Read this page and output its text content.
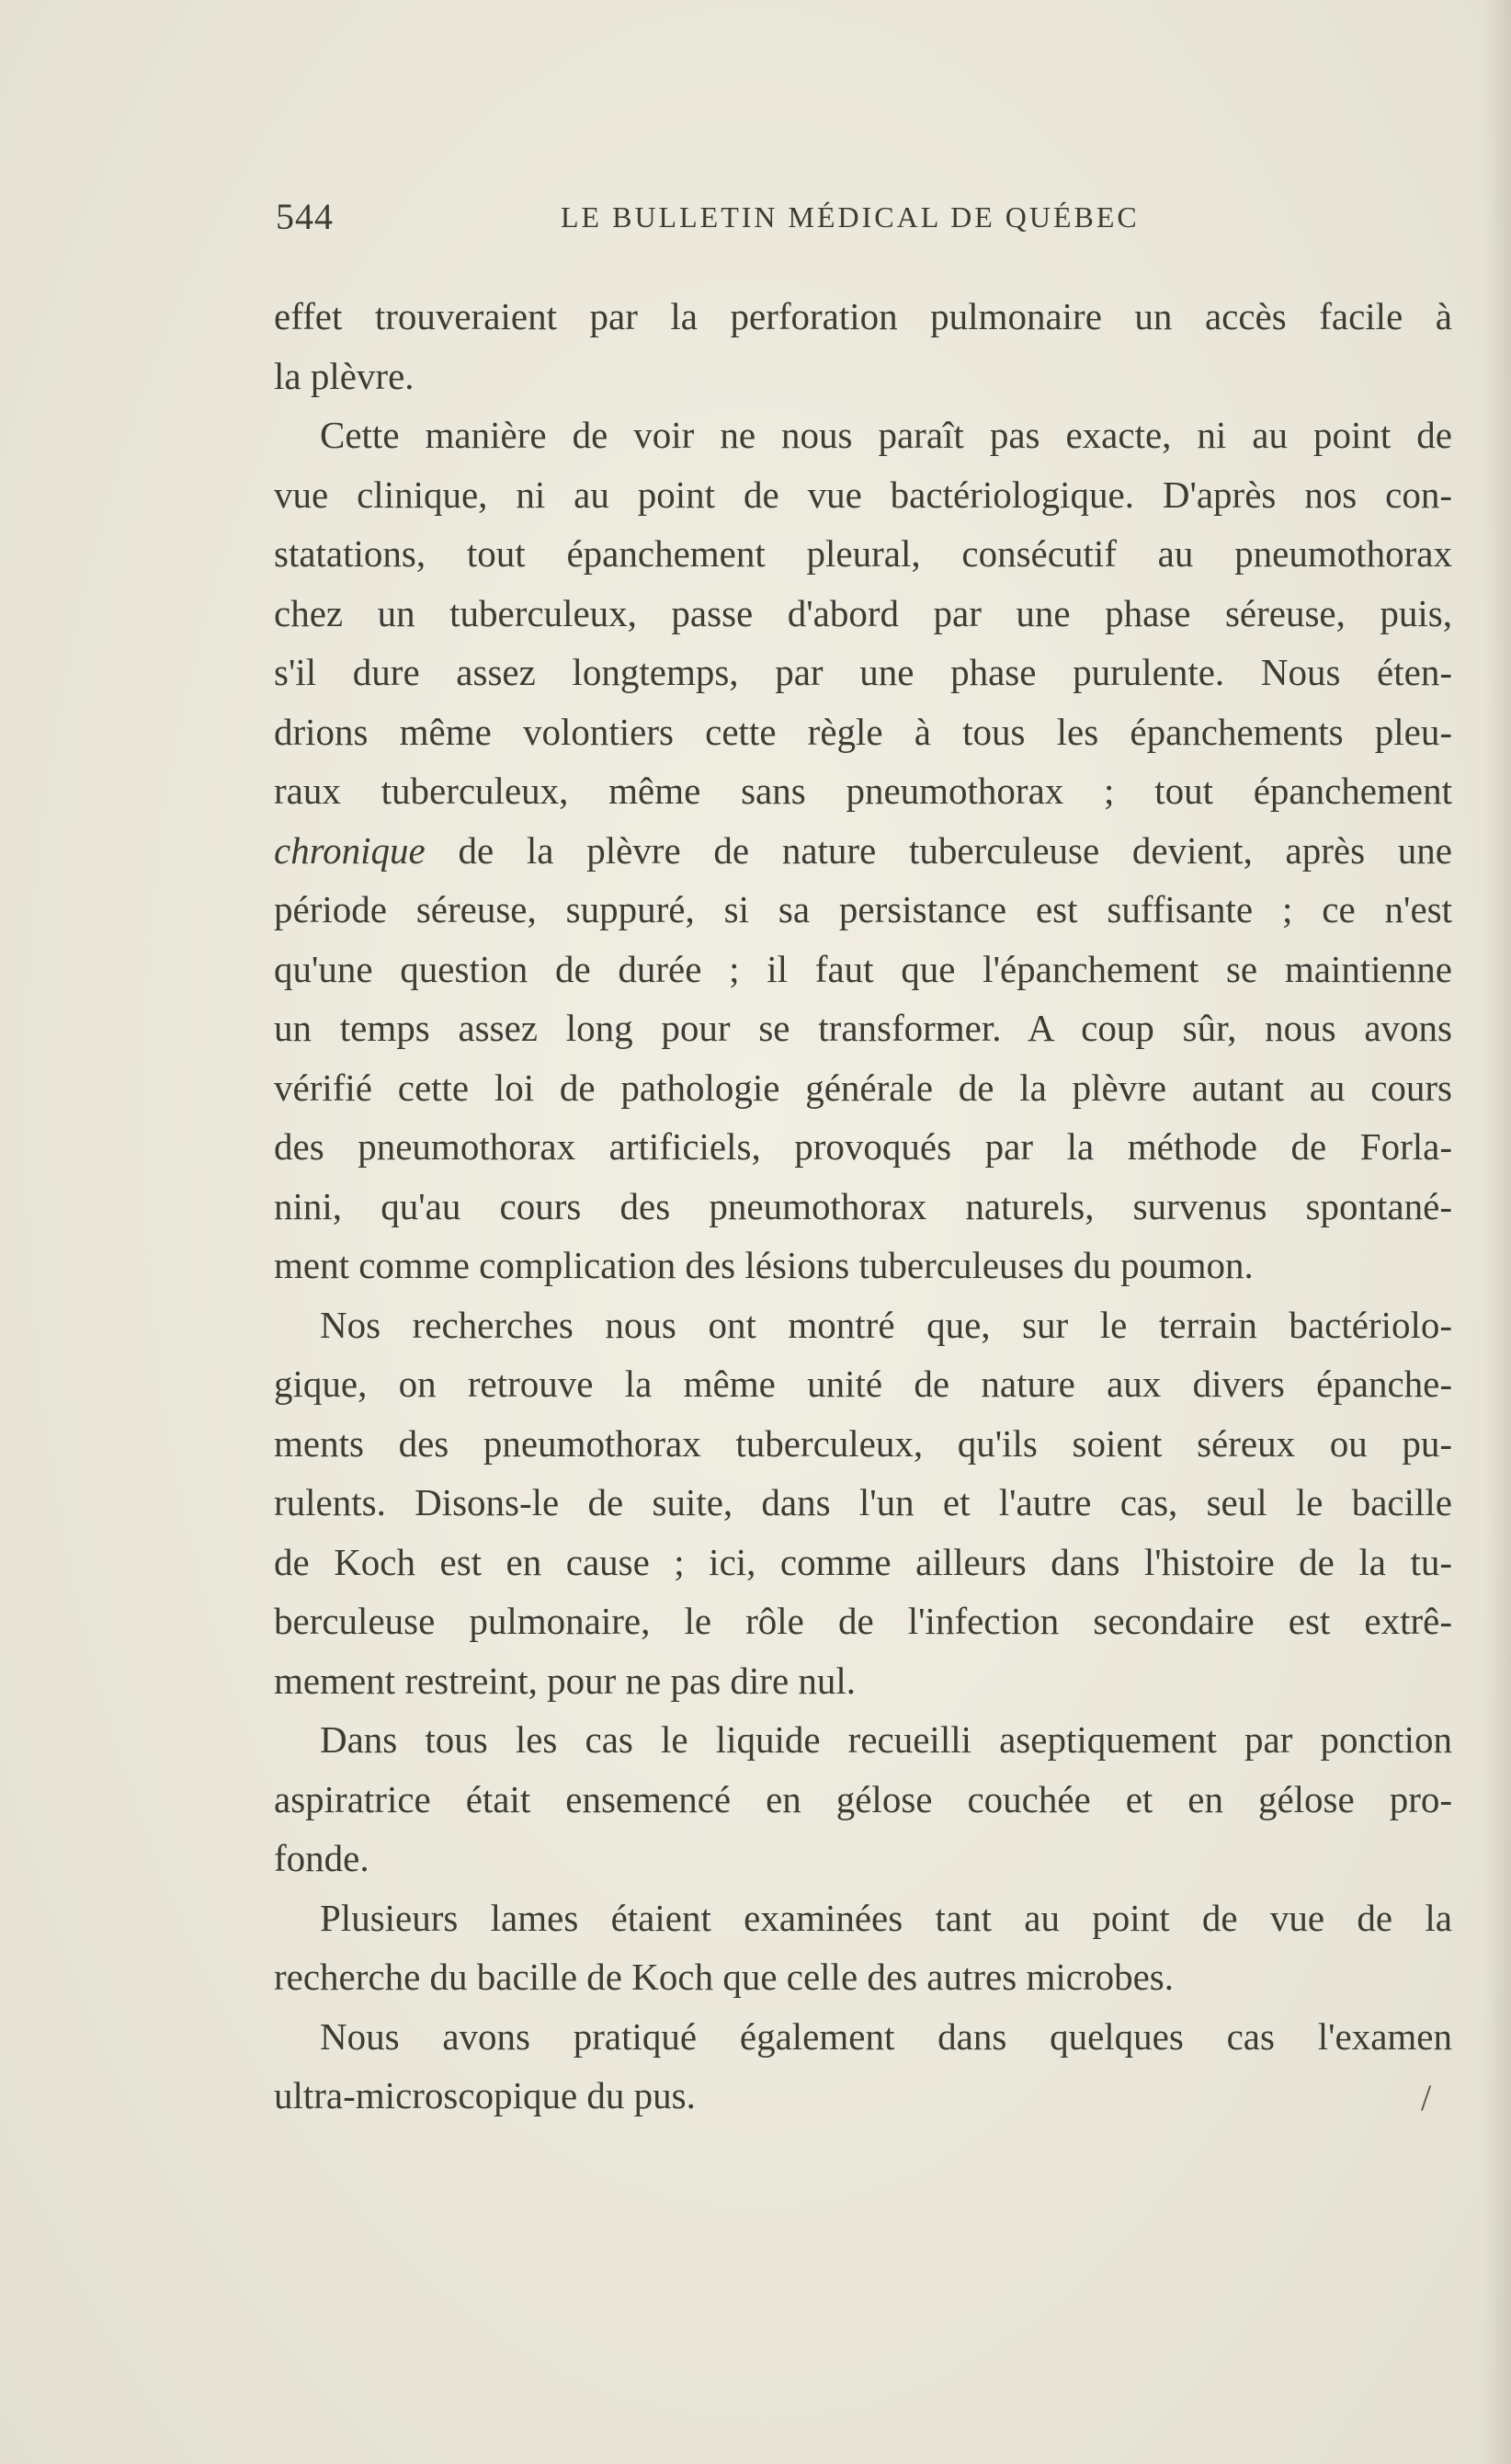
544	LE BULLETIN MÉDICAL DE QUÉBEC
effet trouveraient par la perforation pulmonaire un accès facile à
la plèvre.
Cette manière de voir ne nous paraît pas exacte, ni au point de
vue clinique, ni au point de vue bactériologique. D'après nos con-
statations, tout épanchement pleural, consécutif au pneumothorax
chez un tuberculeux, passe d'abord par une phase séreuse, puis,
s'il dure assez longtemps, par une phase purulente. Nous éten-
drions même volontiers cette règle à tous les épanchements pleu-
raux tuberculeux, même sans pneumothorax ; tout épanchement
chronique de la plèvre de nature tuberculeuse devient, après une
période séreuse, suppuré, si sa persistance est suffisante ; ce n'est
qu'une question de durée ; il faut que l'épanchement se maintienne
un temps assez long pour se transformer. A coup sûr, nous avons
vérifié cette loi de pathologie générale de la plèvre autant au cours
des pneumothorax artificiels, provoqués par la méthode de Forla-
nini, qu'au cours des pneumothorax naturels, survenus spontané-
ment comme complication des lésions tuberculeuses du poumon.
Nos recherches nous ont montré que, sur le terrain bactériolo-
gique, on retrouve la même unité de nature aux divers épanche-
ments des pneumothorax tuberculeux, qu'ils soient séreux ou pu-
rulents. Disons-le de suite, dans l'un et l'autre cas, seul le bacille
de Koch est en cause ; ici, comme ailleurs dans l'histoire de la tu-
berculeuse pulmonaire, le rôle de l'infection secondaire est extrê-
mement restreint, pour ne pas dire nul.
Dans tous les cas le liquide recueilli aseptiquement par ponction
aspiratrice était ensemencé en gélose couchée et en gélose pro-
fonde.
Plusieurs lames étaient examinées tant au point de vue de la
recherche du bacille de Koch que celle des autres microbes.
Nous avons pratiqué également dans quelques cas l'examen
ultra-microscopique du pus.	/
